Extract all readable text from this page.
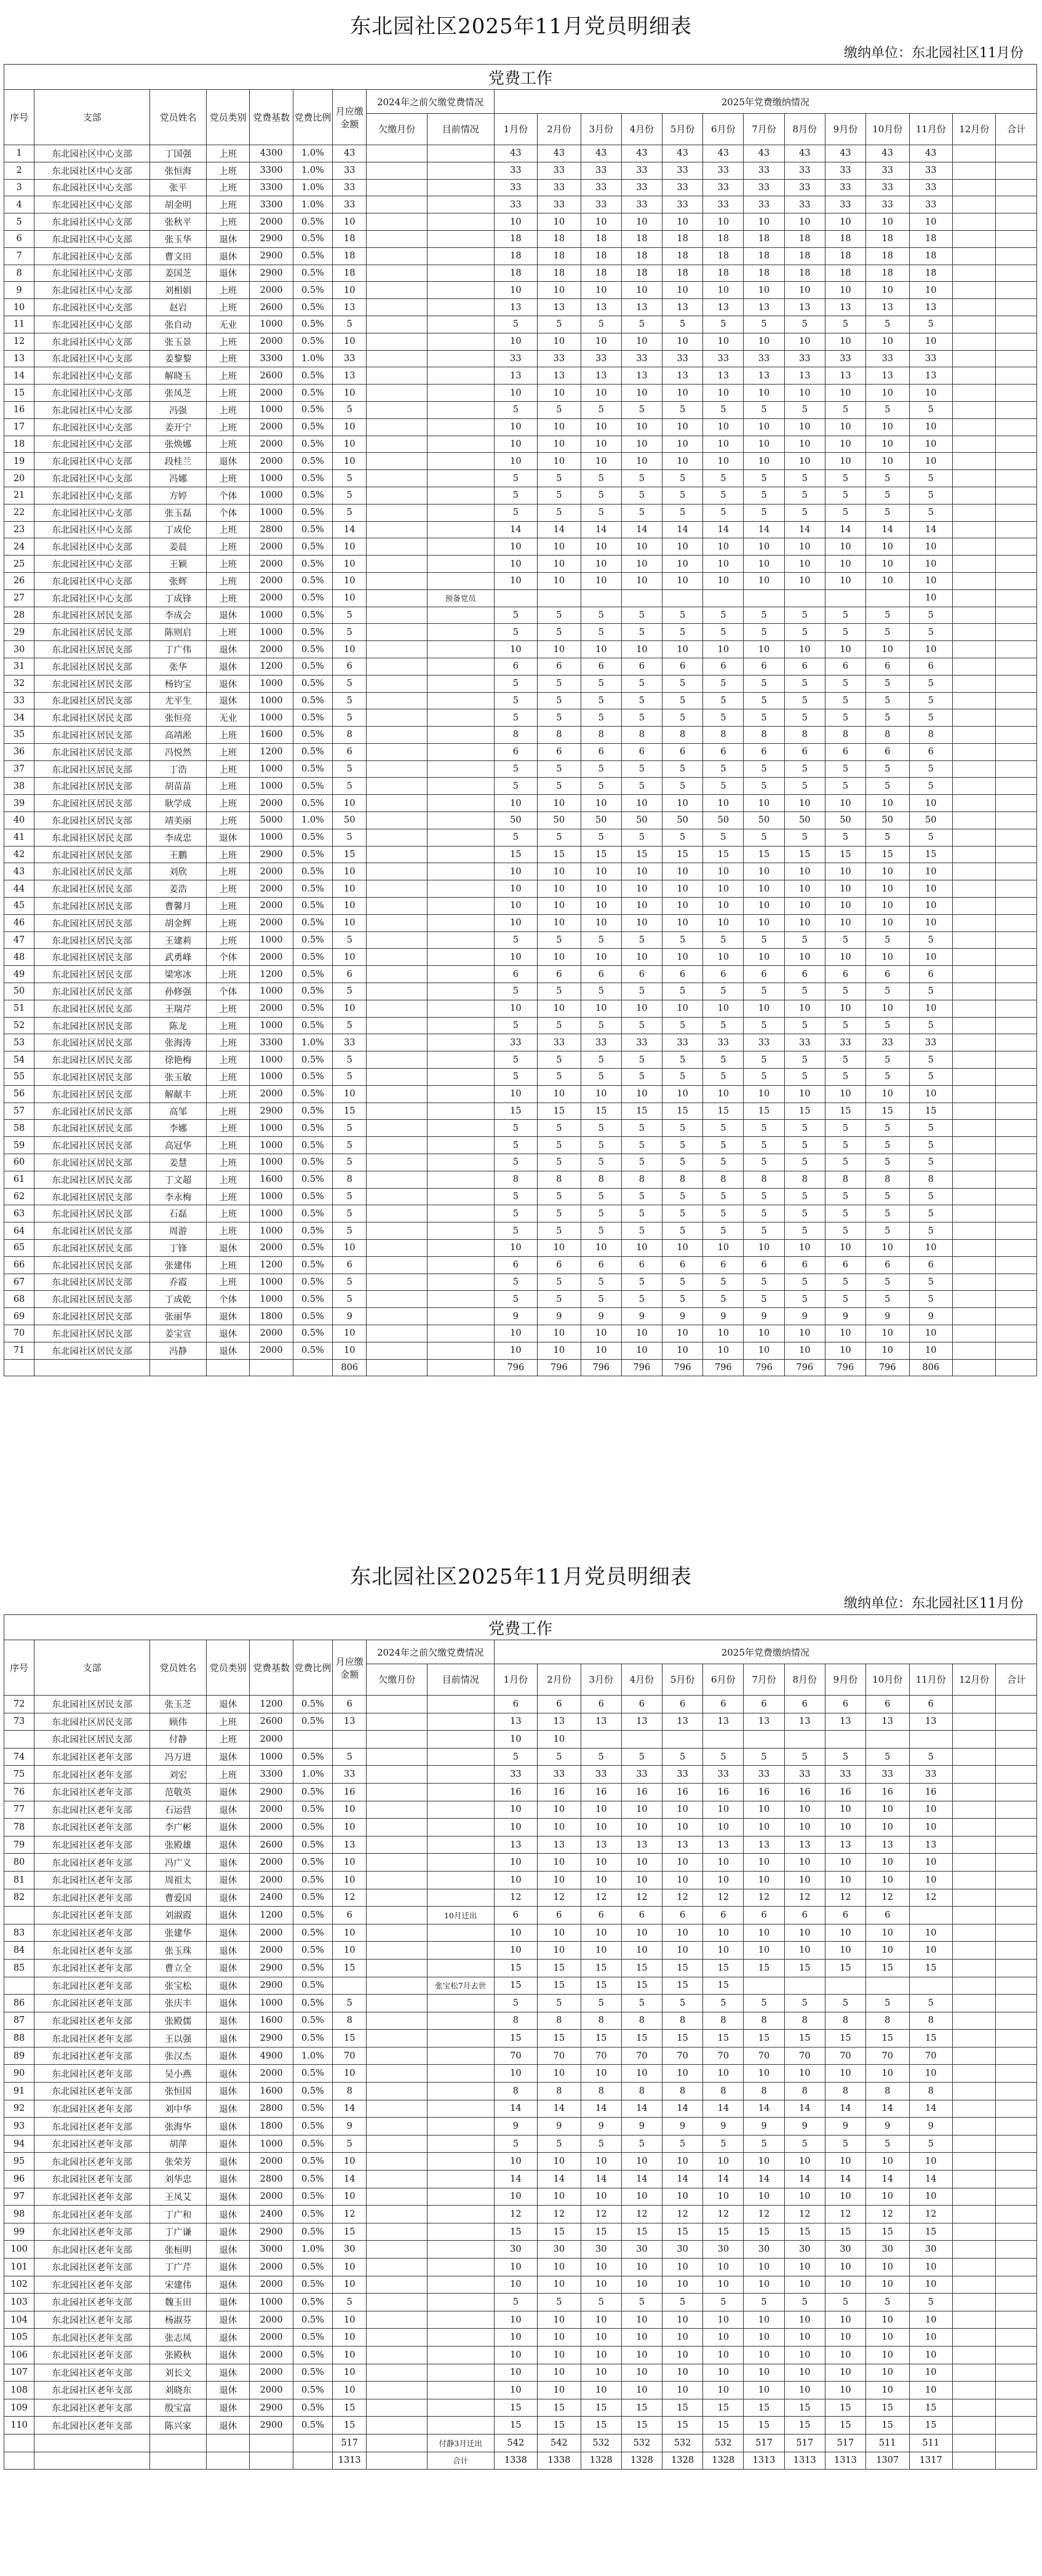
东北园社区2025年11月党员明细表
缴纳单位：东北园社区11月份
党费工作																					
序号	支部	党员姓名	党员类别	党费基数	党费比例	月应缴金额	2024年之前欠缴党费情况		2025年党费缴纳情况												
							欠缴月份	目前情况	1月份	2月份	3月份	4月份	5月份	6月份	7月份	8月份	9月份	10月份	11月份	12月份	合计
1	东北园社区中心支部	丁国强	上班	4300	1.0%	43			43	43	43	43	43	43	43	43	43	43	43		
2	东北园社区中心支部	张恒海	上班	3300	1.0%	33			33	33	33	33	33	33	33	33	33	33	33		
3	东北园社区中心支部	张平	上班	3300	1.0%	33			33	33	33	33	33	33	33	33	33	33	33		
4	东北园社区中心支部	胡金明	上班	3300	1.0%	33			33	33	33	33	33	33	33	33	33	33	33		
5	东北园社区中心支部	张秋平	上班	2000	0.5%	10			10	10	10	10	10	10	10	10	10	10	10		
6	东北园社区中心支部	张玉华	退休	2900	0.5%	18			18	18	18	18	18	18	18	18	18	18	18		
7	东北园社区中心支部	曹文田	退休	2900	0.5%	18			18	18	18	18	18	18	18	18	18	18	18		
8	东北园社区中心支部	姜国芝	退休	2900	0.5%	18			18	18	18	18	18	18	18	18	18	18	18		
9	东北园社区中心支部	刘相娟	上班	2000	0.5%	10			10	10	10	10	10	10	10	10	10	10	10		
10	东北园社区中心支部	赵岩	上班	2600	0.5%	13			13	13	13	13	13	13	13	13	13	13	13		
11	东北园社区中心支部	张自动	无业	1000	0.5%	5			5	5	5	5	5	5	5	5	5	5	5		
12	东北园社区中心支部	张玉景	上班	2000	0.5%	10			10	10	10	10	10	10	10	10	10	10	10		
13	东北园社区中心支部	姜黎黎	上班	3300	1.0%	33			33	33	33	33	33	33	33	33	33	33	33		
14	东北园社区中心支部	解晓玉	上班	2600	0.5%	13			13	13	13	13	13	13	13	13	13	13	13		
15	东北园社区中心支部	张凤芝	上班	2000	0.5%	10			10	10	10	10	10	10	10	10	10	10	10		
16	东北园社区中心支部	冯强	上班	1000	0.5%	5			5	5	5	5	5	5	5	5	5	5	5		
17	东北园社区中心支部	姜开宁	上班	2000	0.5%	10			10	10	10	10	10	10	10	10	10	10	10		
18	东北园社区中心支部	张焕娜	上班	2000	0.5%	10			10	10	10	10	10	10	10	10	10	10	10		
19	东北园社区中心支部	段桂兰	退休	2000	0.5%	10			10	10	10	10	10	10	10	10	10	10	10		
20	东北园社区中心支部	冯娜	上班	1000	0.5%	5			5	5	5	5	5	5	5	5	5	5	5		
21	东北园社区中心支部	方婷	个体	1000	0.5%	5			5	5	5	5	5	5	5	5	5	5	5		
22	东北园社区中心支部	张玉磊	个体	1000	0.5%	5			5	5	5	5	5	5	5	5	5	5	5		
23	东北园社区中心支部	丁成伦	上班	2800	0.5%	14			14	14	14	14	14	14	14	14	14	14	14		
24	东北园社区中心支部	姜晨	上班	2000	0.5%	10			10	10	10	10	10	10	10	10	10	10	10		
25	东北园社区中心支部	王颖	上班	2000	0.5%	10			10	10	10	10	10	10	10	10	10	10	10		
26	东北园社区中心支部	张辉	上班	2000	0.5%	10			10	10	10	10	10	10	10	10	10	10	10		
27	东北园社区中心支部	丁成锋	上班	2000	0.5%	10		预备党员											10		
28	东北园社区居民支部	李成会	退休	1000	0.5%	5			5	5	5	5	5	5	5	5	5	5	5		
29	东北园社区居民支部	陈则启	上班	1000	0.5%	5			5	5	5	5	5	5	5	5	5	5	5		
30	东北园社区居民支部	丁广伟	退休	2000	0.5%	10			10	10	10	10	10	10	10	10	10	10	10		
31	东北园社区居民支部	张华	退休	1200	0.5%	6			6	6	6	6	6	6	6	6	6	6	6		
32	东北园社区居民支部	杨钧宝	退休	1000	0.5%	5			5	5	5	5	5	5	5	5	5	5	5		
33	东北园社区居民支部	尤平生	退休	1000	0.5%	5			5	5	5	5	5	5	5	5	5	5	5		
34	东北园社区居民支部	张恒亮	无业	1000	0.5%	5			5	5	5	5	5	5	5	5	5	5	5		
35	东北园社区居民支部	高靖淞	上班	1600	0.5%	8			8	8	8	8	8	8	8	8	8	8	8		
36	东北园社区居民支部	冯悦然	上班	1200	0.5%	6			6	6	6	6	6	6	6	6	6	6	6		
37	东北园社区居民支部	丁浩	上班	1000	0.5%	5			5	5	5	5	5	5	5	5	5	5	5		
38	东北园社区居民支部	胡苗苗	上班	1000	0.5%	5			5	5	5	5	5	5	5	5	5	5	5		
39	东北园社区居民支部	耿学成	上班	2000	0.5%	10			10	10	10	10	10	10	10	10	10	10	10		
40	东北园社区居民支部	靖美丽	上班	5000	1.0%	50			50	50	50	50	50	50	50	50	50	50	50		
41	东北园社区居民支部	李成忠	退休	1000	0.5%	5			5	5	5	5	5	5	5	5	5	5	5		
42	东北园社区居民支部	王鹏	上班	2900	0.5%	15			15	15	15	15	15	15	15	15	15	15	15		
43	东北园社区居民支部	刘欣	上班	2000	0.5%	10			10	10	10	10	10	10	10	10	10	10	10		
44	东北园社区居民支部	姜浩	上班	2000	0.5%	10			10	10	10	10	10	10	10	10	10	10	10		
45	东北园社区居民支部	曹馨月	上班	2000	0.5%	10			10	10	10	10	10	10	10	10	10	10	10		
46	东北园社区居民支部	胡金辉	上班	2000	0.5%	10			10	10	10	10	10	10	10	10	10	10	10		
47	东北园社区居民支部	王建莉	上班	1000	0.5%	5			5	5	5	5	5	5	5	5	5	5	5		
48	东北园社区居民支部	武勇峰	个体	2000	0.5%	10			10	10	10	10	10	10	10	10	10	10	10		
49	东北园社区居民支部	梁寒冰	上班	1200	0.5%	6			6	6	6	6	6	6	6	6	6	6	6		
50	东北园社区居民支部	孙修强	个体	1000	0.5%	5			5	5	5	5	5	5	5	5	5	5	5		
51	东北园社区居民支部	王瑞芹	上班	2000	0.5%	10			10	10	10	10	10	10	10	10	10	10	10		
52	东北园社区居民支部	陈龙	上班	1000	0.5%	5			5	5	5	5	5	5	5	5	5	5	5		
53	东北园社区居民支部	张海涛	上班	3300	1.0%	33			33	33	33	33	33	33	33	33	33	33	33		
54	东北园社区居民支部	徐艳梅	上班	1000	0.5%	5			5	5	5	5	5	5	5	5	5	5	5		
55	东北园社区居民支部	张玉敏	上班	1000	0.5%	5			5	5	5	5	5	5	5	5	5	5	5		
56	东北园社区居民支部	解献丰	上班	2000	0.5%	10			10	10	10	10	10	10	10	10	10	10	10		
57	东北园社区居民支部	高邹	上班	2900	0.5%	15			15	15	15	15	15	15	15	15	15	15	15		
58	东北园社区居民支部	李娜	上班	1000	0.5%	5			5	5	5	5	5	5	5	5	5	5	5		
59	东北园社区居民支部	高冠华	上班	1000	0.5%	5			5	5	5	5	5	5	5	5	5	5	5		
60	东北园社区居民支部	姜慧	上班	1000	0.5%	5			5	5	5	5	5	5	5	5	5	5	5		
61	东北园社区居民支部	丁文超	上班	1600	0.5%	8			8	8	8	8	8	8	8	8	8	8	8		
62	东北园社区居民支部	李永梅	上班	1000	0.5%	5			5	5	5	5	5	5	5	5	5	5	5		
63	东北园社区居民支部	石磊	上班	1000	0.5%	5			5	5	5	5	5	5	5	5	5	5	5		
64	东北园社区居民支部	周游	上班	1000	0.5%	5			5	5	5	5	5	5	5	5	5	5	5		
65	东北园社区居民支部	丁锋	退休	2000	0.5%	10			10	10	10	10	10	10	10	10	10	10	10		
66	东北园社区居民支部	张建伟	上班	1200	0.5%	6			6	6	6	6	6	6	6	6	6	6	6		
67	东北园社区居民支部	乔霞	上班	1000	0.5%	5			5	5	5	5	5	5	5	5	5	5	5		
68	东北园社区居民支部	丁成乾	个体	1000	0.5%	5			5	5	5	5	5	5	5	5	5	5	5		
69	东北园社区居民支部	张丽华	退休	1800	0.5%	9			9	9	9	9	9	9	9	9	9	9	9		
70	东北园社区居民支部	姜宝宣	退休	2000	0.5%	10			10	10	10	10	10	10	10	10	10	10	10		
71	东北园社区居民支部	冯静	退休	2000	0.5%	10			10	10	10	10	10	10	10	10	10	10	10		
						806			796	796	796	796	796	796	796	796	796	796	806		
东北园社区2025年11月党员明细表
缴纳单位：东北园社区11月份
党费工作																					
序号	支部	党员姓名	党员类别	党费基数	党费比例	月应缴金额	2024年之前欠缴党费情况		2025年党费缴纳情况												
							欠缴月份	目前情况	1月份	2月份	3月份	4月份	5月份	6月份	7月份	8月份	9月份	10月份	11月份	12月份	合计
72	东北园社区居民支部	张玉芝	退休	1200	0.5%	6			6	6	6	6	6	6	6	6	6	6	6		
73	东北园社区居民支部	顾伟	上班	2600	0.5%	13			13	13	13	13	13	13	13	13	13	13	13		
	东北园社区居民支部	付静	上班	2000					10	10											
74	东北园社区老年支部	冯万进	退休	1000	0.5%	5			5	5	5	5	5	5	5	5	5	5	5		
75	东北园社区老年支部	刘宏	上班	3300	1.0%	33			33	33	33	33	33	33	33	33	33	33	33		
76	东北园社区老年支部	范敬英	退休	2900	0.5%	16			16	16	16	16	16	16	16	16	16	16	16		
77	东北园社区老年支部	石运营	退休	2000	0.5%	10			10	10	10	10	10	10	10	10	10	10	10		
78	东北园社区老年支部	李广彬	退休	2000	0.5%	10			10	10	10	10	10	10	10	10	10	10	10		
79	东北园社区老年支部	张殿雄	退休	2600	0.5%	13			13	13	13	13	13	13	13	13	13	13	13		
80	东北园社区老年支部	冯广义	退休	2000	0.5%	10			10	10	10	10	10	10	10	10	10	10	10		
81	东北园社区老年支部	周祖太	退休	2000	0.5%	10			10	10	10	10	10	10	10	10	10	10	10		
82	东北园社区老年支部	曹爱国	退休	2400	0.5%	12			12	12	12	12	12	12	12	12	12	12	12		
	东北园社区老年支部	刘淑霞	退休	1200	0.5%	6		10月迁出	6	6	6	6	6	6	6	6	6	6			
83	东北园社区老年支部	张建华	退休	2000	0.5%	10			10	10	10	10	10	10	10	10	10	10	10		
84	东北园社区老年支部	张玉珠	退休	2000	0.5%	10			10	10	10	10	10	10	10	10	10	10	10		
85	东北园社区老年支部	曹立全	退休	2900	0.5%	15			15	15	15	15	15	15	15	15	15	15	15		
	东北园社区老年支部	张宝松	退休	2900	0.5%			张宝松7月去世	15	15	15	15	15	15							
86	东北园社区老年支部	张庆丰	退休	1000	0.5%	5			5	5	5	5	5	5	5	5	5	5	5		
87	东北园社区老年支部	张殿儒	退休	1600	0.5%	8			8	8	8	8	8	8	8	8	8	8	8		
88	东北园社区老年支部	王以强	退休	2900	0.5%	15			15	15	15	15	15	15	15	15	15	15	15		
89	东北园社区老年支部	张汉杰	退休	4900	1.0%	70			70	70	70	70	70	70	70	70	70	70	70		
90	东北园社区老年支部	吴小燕	退休	2000	0.5%	10			10	10	10	10	10	10	10	10	10	10	10		
91	东北园社区老年支部	张恒国	退休	1600	0.5%	8			8	8	8	8	8	8	8	8	8	8	8		
92	东北园社区老年支部	刘中华	退休	2800	0.5%	14			14	14	14	14	14	14	14	14	14	14	14		
93	东北园社区老年支部	张海华	退休	1800	0.5%	9			9	9	9	9	9	9	9	9	9	9	9		
94	东北园社区老年支部	胡萍	退休	1000	0.5%	5			5	5	5	5	5	5	5	5	5	5	5		
95	东北园社区老年支部	张荣芳	退休	2000	0.5%	10			10	10	10	10	10	10	10	10	10	10	10		
96	东北园社区老年支部	刘华忠	退休	2800	0.5%	14			14	14	14	14	14	14	14	14	14	14	14		
97	东北园社区老年支部	王凤艾	退休	2000	0.5%	10			10	10	10	10	10	10	10	10	10	10	10		
98	东北园社区老年支部	丁广和	退休	2400	0.5%	12			12	12	12	12	12	12	12	12	12	12	12		
99	东北园社区老年支部	丁广谦	退休	2900	0.5%	15			15	15	15	15	15	15	15	15	15	15	15		
100	东北园社区老年支部	张桓明	退休	3000	1.0%	30			30	30	30	30	30	30	30	30	30	30	30		
101	东北园社区老年支部	丁广芹	退休	2000	0.5%	10			10	10	10	10	10	10	10	10	10	10	10		
102	东北园社区老年支部	宋建伟	退休	2000	0.5%	10			10	10	10	10	10	10	10	10	10	10	10		
103	东北园社区老年支部	魏玉田	退休	1000	0.5%	5			5	5	5	5	5	5	5	5	5	5	5		
104	东北园社区老年支部	杨淑芬	退休	2000	0.5%	10			10	10	10	10	10	10	10	10	10	10	10		
105	东北园社区老年支部	张志凤	退休	2000	0.5%	10			10	10	10	10	10	10	10	10	10	10	10		
106	东北园社区老年支部	张殿秋	退休	2000	0.5%	10			10	10	10	10	10	10	10	10	10	10	10		
107	东北园社区老年支部	刘长文	退休	2000	0.5%	10			10	10	10	10	10	10	10	10	10	10	10		
108	东北园社区老年支部	刘晓东	退休	2000	0.5%	10			10	10	10	10	10	10	10	10	10	10	10		
109	东北园社区老年支部	殷宝富	退休	2900	0.5%	15			15	15	15	15	15	15	15	15	15	15	15		
110	东北园社区老年支部	陈兴家	退休	2900	0.5%	15			15	15	15	15	15	15	15	15	15	15	15		
						517		付静3月迁出	542	542	532	532	532	532	517	517	517	511	511		
						1313		合计	1338	1338	1328	1328	1328	1328	1313	1313	1313	1307	1317		
